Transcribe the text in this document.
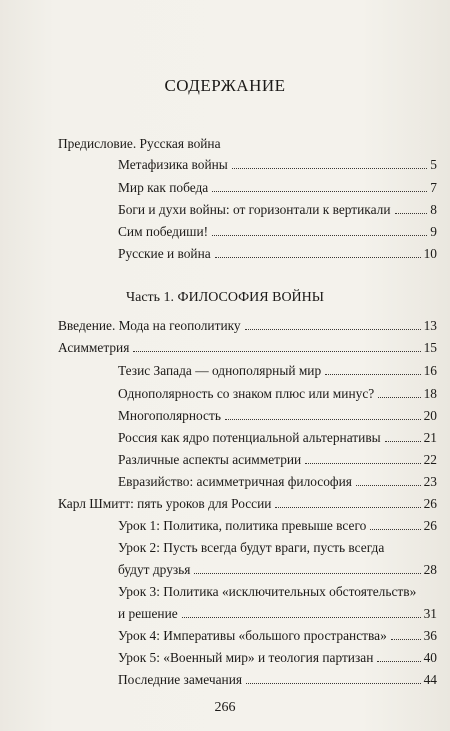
СОДЕРЖАНИЕ
Предисловие. Русская война
Метафизика войны	5
Мир как победа	7
Боги и духи войны: от горизонтали к вертикали	8
Сим победиши!	9
Русские и война	10
Часть 1. ФИЛОСОФИЯ ВОЙНЫ
Введение. Мода на геополитику	13
Асимметрия	15
Тезис Запада — однополярный мир	16
Однополярность со знаком плюс или минус?	18
Многополярность	20
Россия как ядро потенциальной альтернативы	21
Различные аспекты асимметрии	22
Евразийство: асимметричная философия	23
Карл Шмитт: пять уроков для России	26
Урок 1: Политика, политика превыше всего	26
Урок 2: Пусть всегда будут враги, пусть всегда
будут друзья	28
Урок 3: Политика «исключительных обстоятельств»
и решение	31
Урок 4: Императивы «большого пространства»	36
Урок 5: «Военный мир» и теология партизан	40
Последние замечания	44
266
